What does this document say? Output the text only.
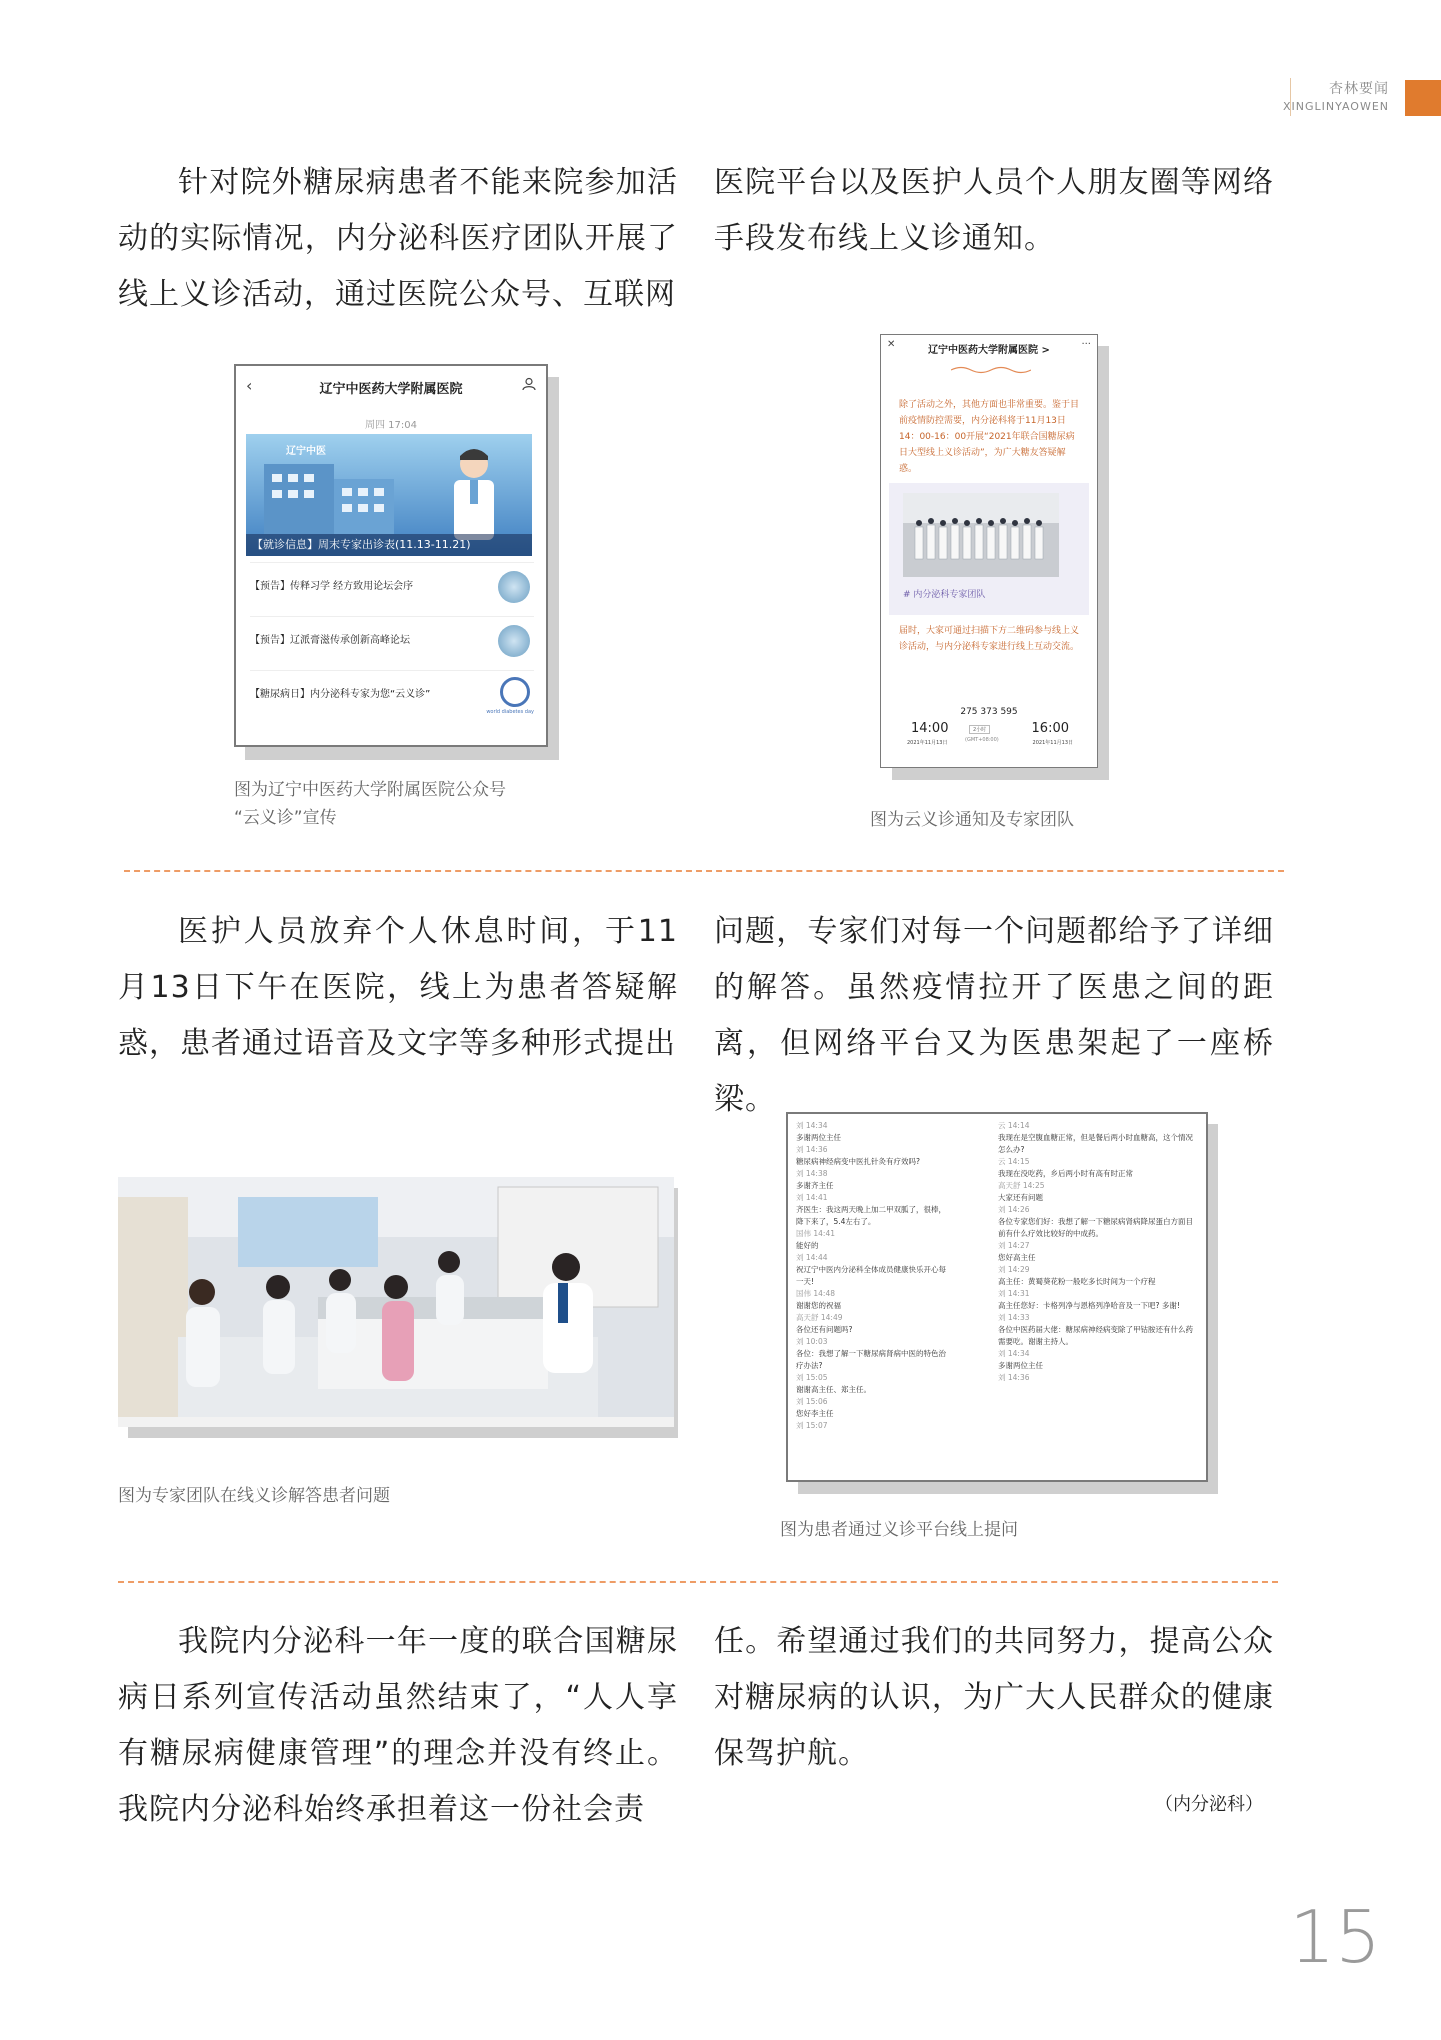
杏林要闻
XINGLINYAOWEN

针对院外糖尿病患者不能来院参加活动的实际情况，内分泌科医疗团队开展了线上义诊活动，通过医院公众号、互联网

医院平台以及医护人员个人朋友圈等网络手段发布线上义诊通知。

‹	辽宁中医药大学附属医院
周四 17:04
辽宁中医
【就诊信息】周末专家出诊表(11.13-11.21)
【预告】传释习学 经方致用论坛会序
【预告】辽派膏滋传承创新高峰论坛
【糖尿病日】内分泌科专家为您“云义诊”
world diabetes day
图为辽宁中医药大学附属医院公众号
“云义诊”宣传
✕
辽宁中医药大学附属医院 >
···
除了活动之外，其他方面也非常重要。鉴于目前疫情防控需要，内分泌科将于11月13日 14：00-16：00开展“2021年联合国糖尿病日大型线上义诊活动”，为广大糖友答疑解惑。
# 内分泌科专家团队
届时，大家可通过扫描下方二维码参与线上义诊活动，与内分泌科专家进行线上互动交流。
275 373 595
14:00	16:00
2小时
(GMT+08:00)
2021年11月13日	2021年11月13日
图为云义诊通知及专家团队

医护人员放弃个人休息时间，于11月13日下午在医院，线上为患者答疑解惑，患者通过语音及文字等多种形式提出

问题，专家们对每一个问题都给予了详细的解答。虽然疫情拉开了医患之间的距离，但网络平台又为医患架起了一座桥梁。

图为专家团队在线义诊解答患者问题
刘 14:34
多谢两位主任
刘 14:36
糖尿病神经病变中医扎针灸有疗效吗?
刘 14:38
多谢齐主任
刘 14:41
齐医生：我这两天晚上加二甲双胍了，很棒，降下来了，5.4左右了。
国伟 14:41
能好的
刘 14:44
祝辽宁中医内分泌科全体成员健康快乐开心每一天!
国伟 14:48
谢谢您的祝福
高天舒 14:49
各位还有问题吗?
刘 10:03
各位：我想了解一下糖尿病肾病中医的特色治疗办法?
刘 15:05
谢谢高主任、郑主任。
刘 15:06
您好李主任
刘 15:07
云 14:14
我现在是空腹血糖正常，但是餐后两小时血糖高，这个情况怎么办?
云 14:15
我现在没吃药，乡后两小时有高有时正常
高天舒 14:25
大家还有问题
刘 14:26
各位专家您们好：我想了解一下糖尿病肾病降尿蛋白方面目前有什么疗效比较好的中成药。
刘 14:27
您好高主任
刘 14:29
高主任：黄蜀葵花粉一般吃多长时间为一个疗程
刘 14:31
高主任您好：卡格列净与恩格列净哈音及一下吧? 多谢!
刘 14:33
各位中医药届大佬：糖尿病神经病变除了甲钴胺还有什么药需要吃。谢谢主持人。
刘 14:34
多谢两位主任
刘 14:36
图为患者通过义诊平台线上提问

我院内分泌科一年一度的联合国糖尿病日系列宣传活动虽然结束了，“人人享有糖尿病健康管理”的理念并没有终止。我院内分泌科始终承担着这一份社会责

任。希望通过我们的共同努力，提高公众对糖尿病的认识，为广大人民群众的健康保驾护航。

（内分泌科）
15
